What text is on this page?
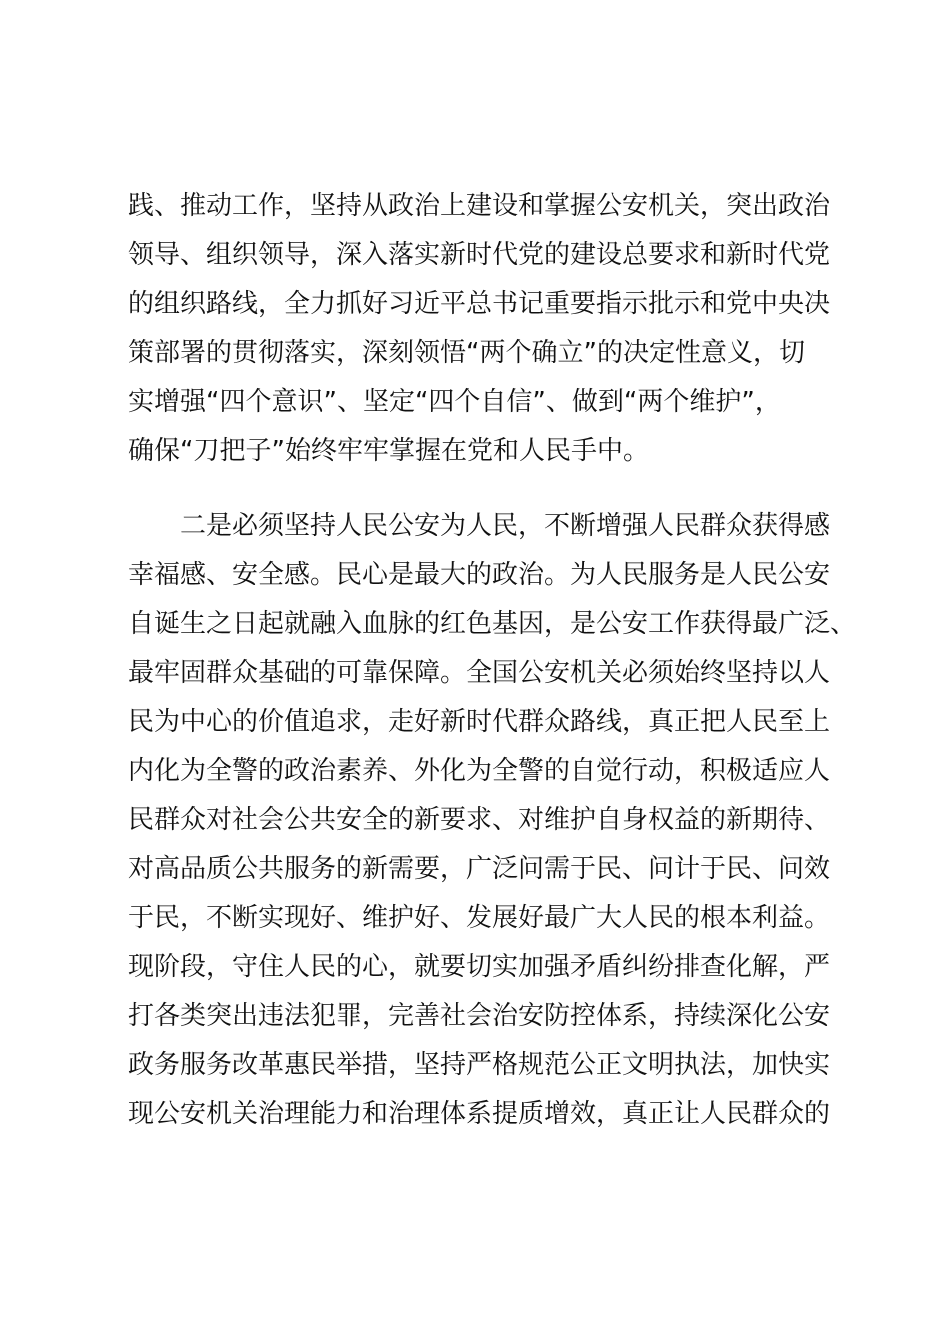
践、推动工作，坚持从政治上建设和掌握公安机关，突出政治
领导、组织领导，深入落实新时代党的建设总要求和新时代党
的组织路线，全力抓好习近平总书记重要指示批示和党中央决
策部署的贯彻落实，深刻领悟“两个确立”的决定性意义，切
实增强“四个意识”、坚定“四个自信”、做到“两个维护”，
确保“刀把子”始终牢牢掌握在党和人民手中。
二是必须坚持人民公安为人民，不断增强人民群众获得感
幸福感、安全感。民心是最大的政治。为人民服务是人民公安
自诞生之日起就融入血脉的红色基因，是公安工作获得最广泛、
最牢固群众基础的可靠保障。全国公安机关必须始终坚持以人
民为中心的价值追求，走好新时代群众路线，真正把人民至上
内化为全警的政治素养、外化为全警的自觉行动，积极适应人
民群众对社会公共安全的新要求、对维护自身权益的新期待、
对高品质公共服务的新需要，广泛问需于民、问计于民、问效
于民，不断实现好、维护好、发展好最广大人民的根本利益。
现阶段，守住人民的心，就要切实加强矛盾纠纷排查化解，严
打各类突出违法犯罪，完善社会治安防控体系，持续深化公安
政务服务改革惠民举措，坚持严格规范公正文明执法，加快实
现公安机关治理能力和治理体系提质增效，真正让人民群众的
